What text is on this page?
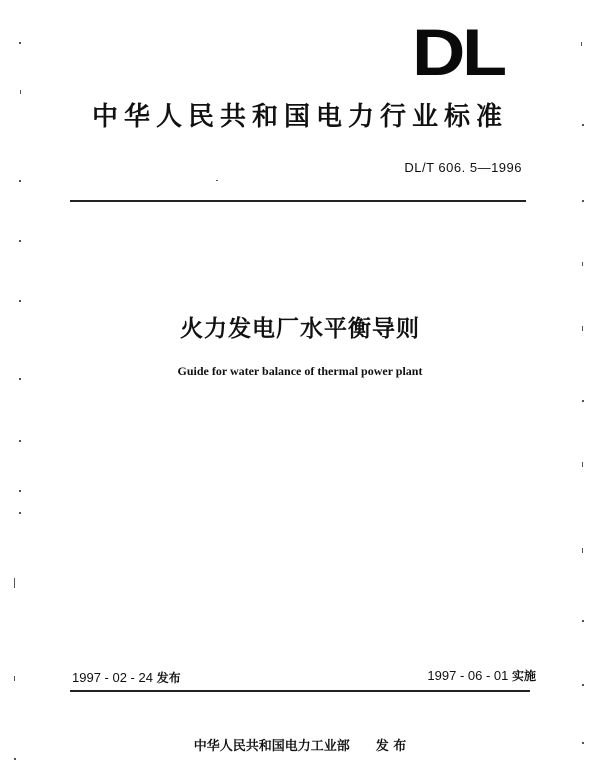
DL
中华人民共和国电力行业标准
DL/T 606. 5—1996
火力发电厂水平衡导则
Guide for water balance of thermal power plant
1997 - 02 - 24 发布	1997 - 06 - 01 实施
中华人民共和国电力工业部 发 布
